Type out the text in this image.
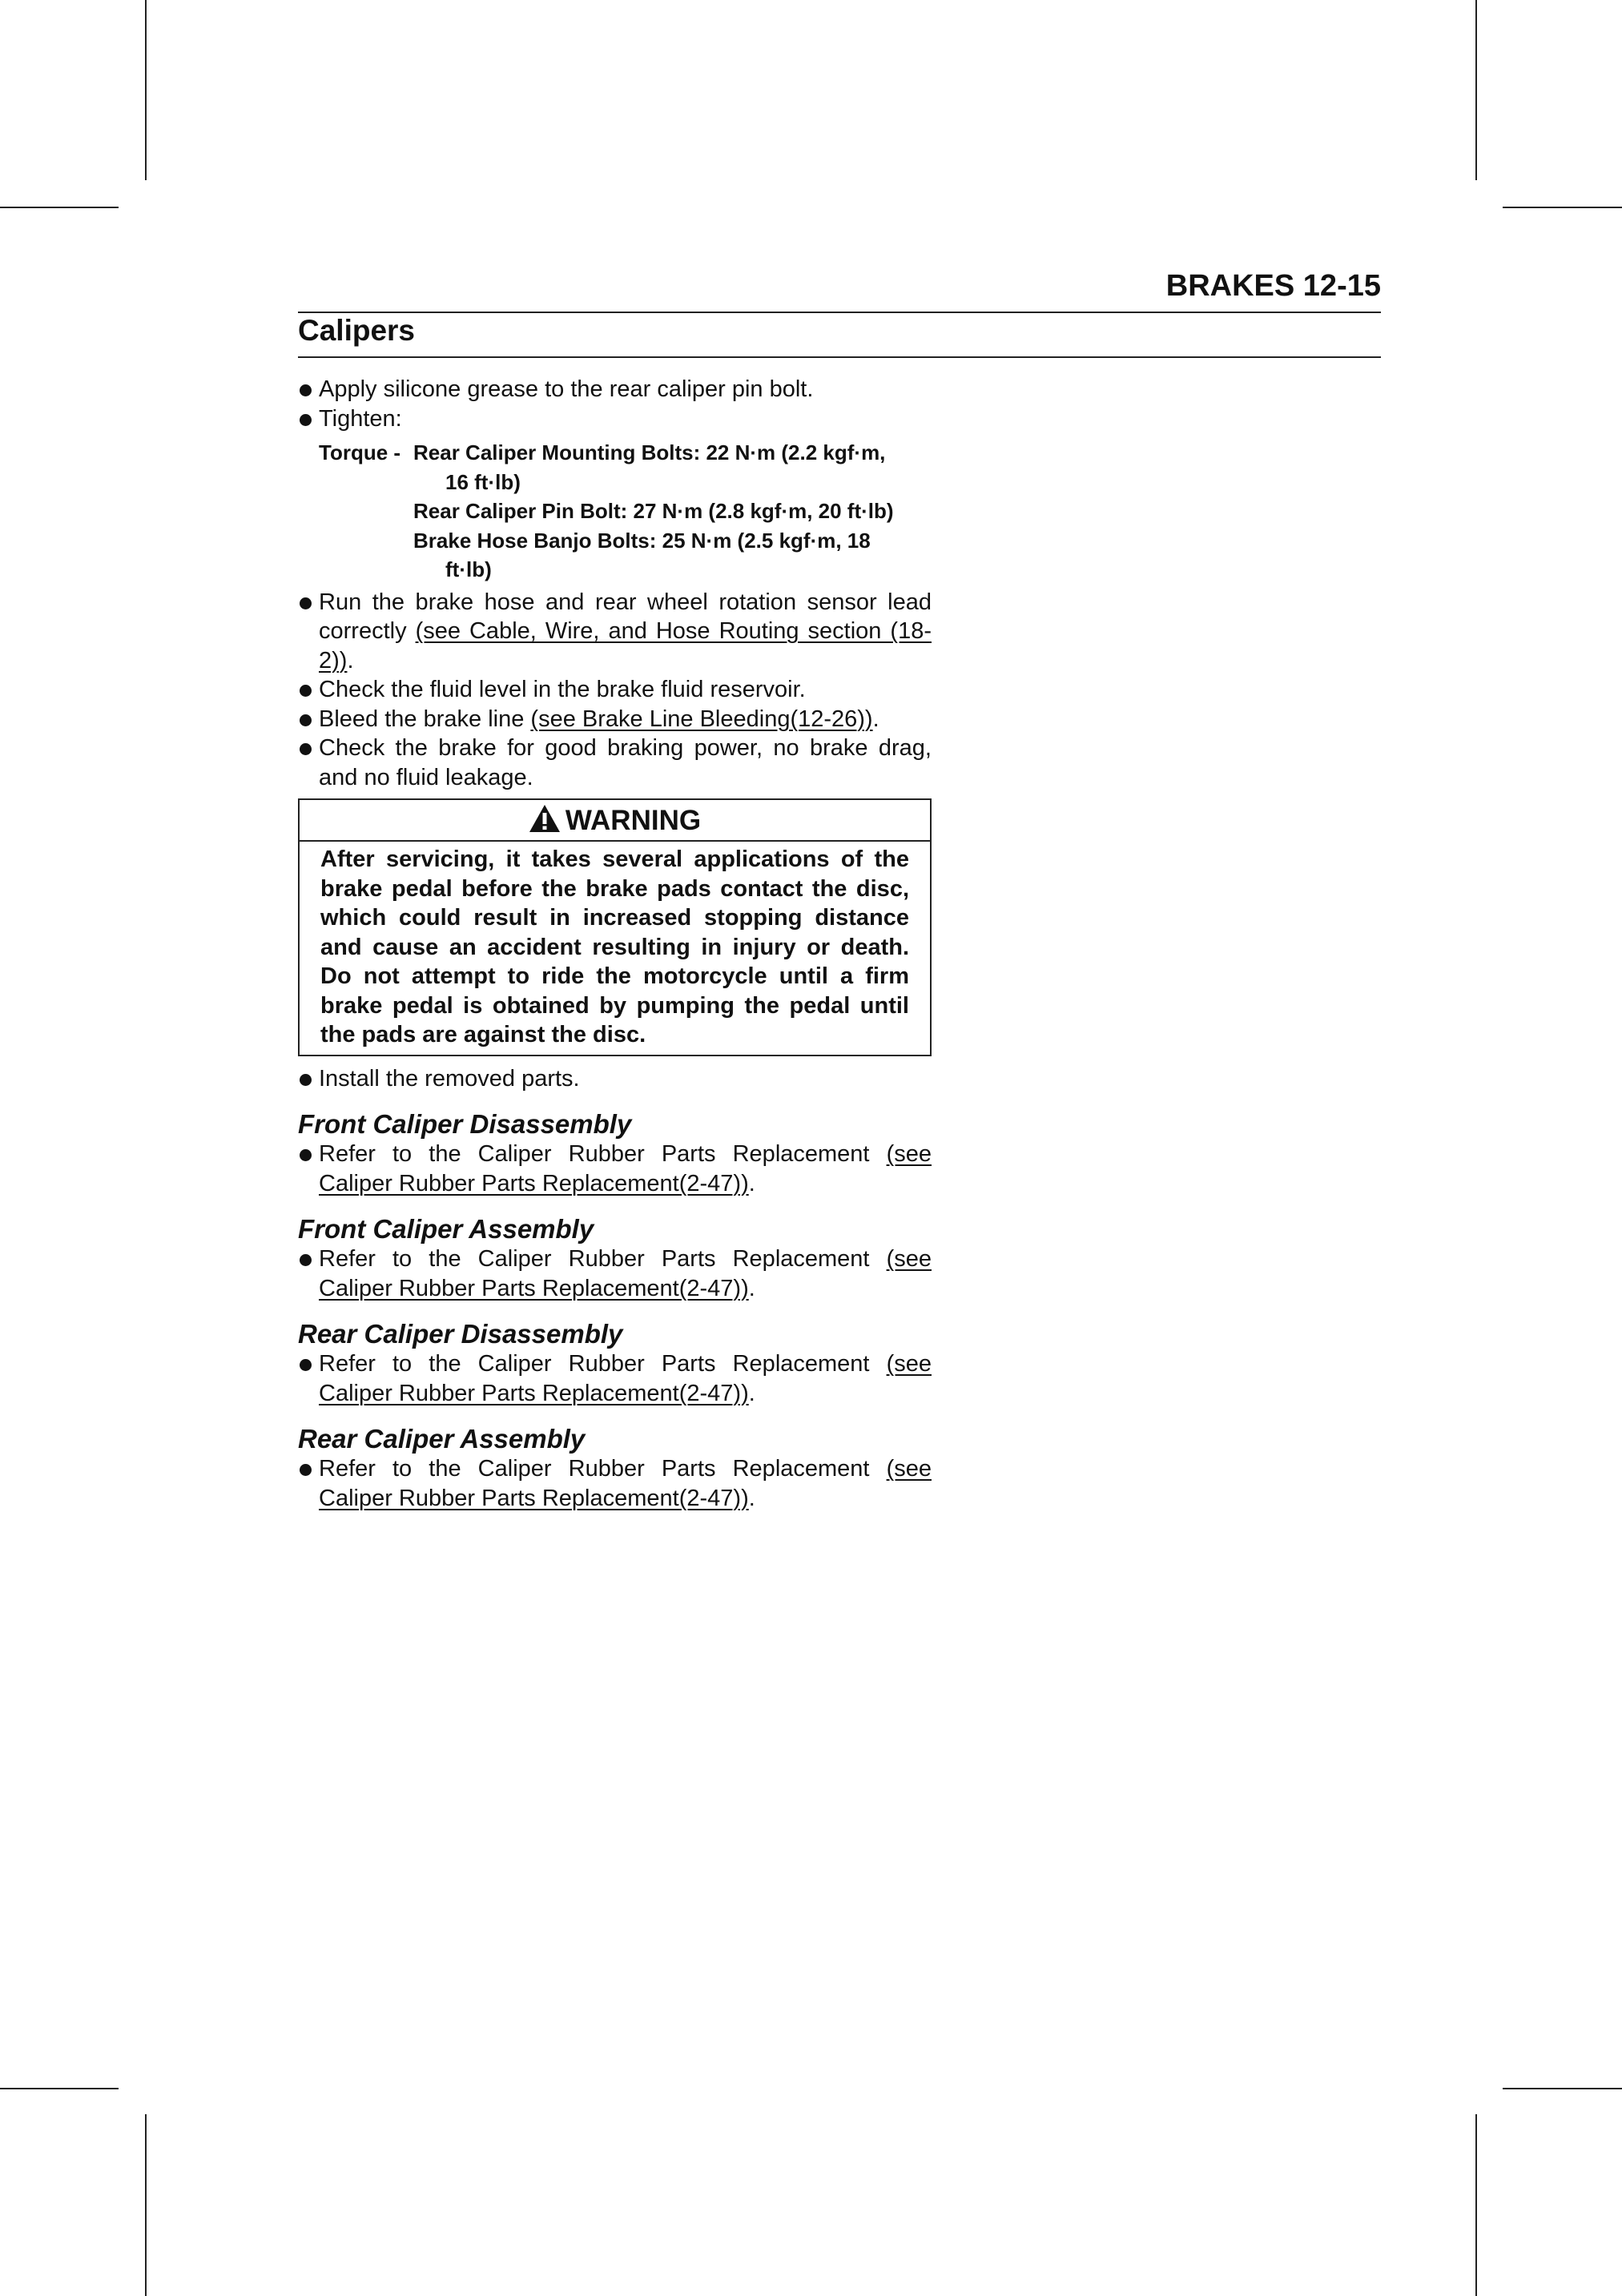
BRAKES 12-15
Calipers
Apply silicone grease to the rear caliper pin bolt.
Tighten:
Torque - Rear Caliper Mounting Bolts: 22 N·m (2.2 kgf·m,
16 ft·lb)
Rear Caliper Pin Bolt: 27 N·m (2.8 kgf·m, 20 ft·lb)
Brake Hose Banjo Bolts: 25 N·m (2.5 kgf·m, 18
ft·lb)
Run the brake hose and rear wheel rotation sensor lead correctly (see Cable, Wire, and Hose Routing section (18-2)).
Check the fluid level in the brake fluid reservoir.
Bleed the brake line (see Brake Line Bleeding(12-26)).
Check the brake for good braking power, no brake drag, and no fluid leakage.
WARNING
After servicing, it takes several applications of the brake pedal before the brake pads contact the disc, which could result in increased stopping distance and cause an accident resulting in injury or death. Do not attempt to ride the motorcycle until a firm brake pedal is obtained by pumping the pedal until the pads are against the disc.
Install the removed parts.
Front Caliper Disassembly
Refer to the Caliper Rubber Parts Replacement (see Caliper Rubber Parts Replacement(2-47)).
Front Caliper Assembly
Refer to the Caliper Rubber Parts Replacement (see Caliper Rubber Parts Replacement(2-47)).
Rear Caliper Disassembly
Refer to the Caliper Rubber Parts Replacement (see Caliper Rubber Parts Replacement(2-47)).
Rear Caliper Assembly
Refer to the Caliper Rubber Parts Replacement (see Caliper Rubber Parts Replacement(2-47)).
